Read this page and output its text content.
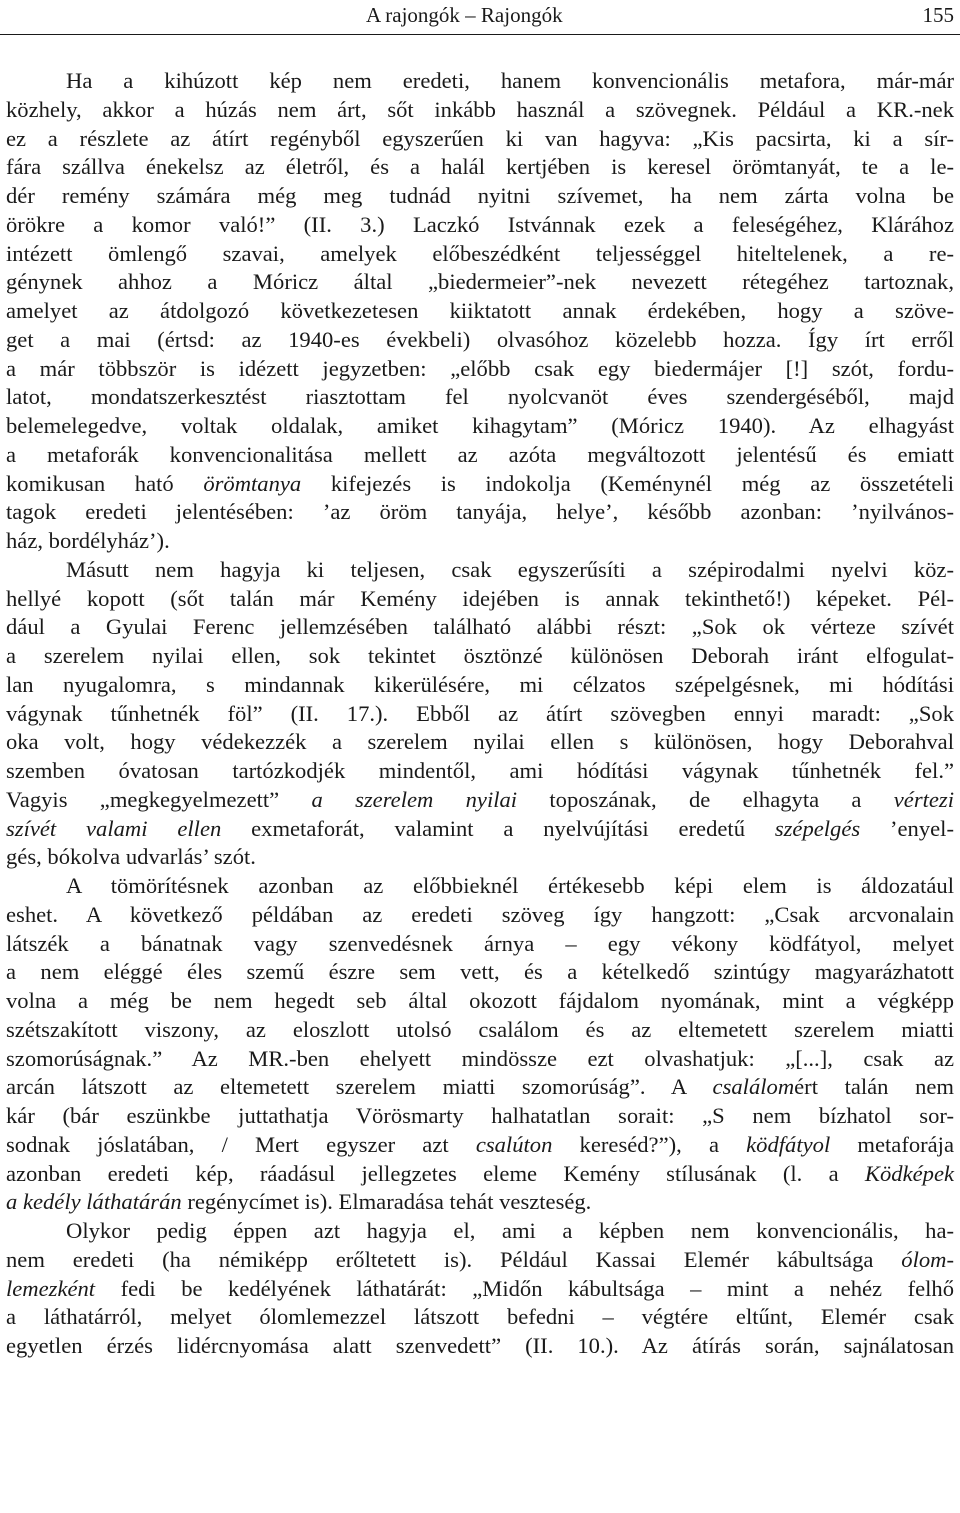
A rajongók – Rajongók	155
Ha a kihúzott kép nem eredeti, hanem konvencionális metafora, már-már
közhely, akkor a húzás nem árt, sőt inkább használ a szövegnek. Például a KR.-nek
ez a részlete az átírt regényből egyszerűen ki van hagyva: „Kis pacsirta, ki a sír-
fára szállva énekelsz az életről, és a halál kertjében is keresel örömtanyát, te a le-
dér remény számára még meg tudnád nyitni szívemet, ha nem zárta volna be
örökre a komor való!” (II. 3.) Laczkó Istvánnak ezek a feleségéhez, Klárához
intézett ömlengő szavai, amelyek előbeszédként teljességgel hiteltelenek, a re-
génynek ahhoz a Móricz által „biedermeier”-nek nevezett rétegéhez tartoznak,
amelyet az átdolgozó következetesen kiiktatott annak érdekében, hogy a szöve-
get a mai (értsd: az 1940-es évekbeli) olvasóhoz közelebb hozza. Így írt erről
a már többször is idézett jegyzetben: „előbb csak egy biedermájer [!] szót, fordu-
latot, mondatszerkesztést riasztottam fel nyolcvanöt éves szendergéséből, majd
belemelegedve, voltak oldalak, amiket kihagytam” (Móricz 1940). Az elhagyást
a metaforák konvencionalitása mellett az azóta megváltozott jelentésű és emiatt
komikusan ható örömtanya kifejezés is indokolja (Keménynél még az összetételi
tagok eredeti jelentésében: ’az öröm tanyája, helye’, később azonban: ’nyilvános-
ház, bordélyház’).
Másutt nem hagyja ki teljesen, csak egyszerűsíti a szépirodalmi nyelvi köz-
hellyé kopott (sőt talán már Kemény idejében is annak tekinthető!) képeket. Pél-
dául a Gyulai Ferenc jellemzésében található alábbi részt: „Sok ok vérteze szívét
a szerelem nyilai ellen, sok tekintet ösztönzé különösen Deborah iránt elfogulat-
lan nyugalomra, s mindannak kikerülésére, mi célzatos szépelgésnek, mi hódítási
vágynak tűnhetnék föl” (II. 17.). Ebből az átírt szövegben ennyi maradt: „Sok
oka volt, hogy védekezzék a szerelem nyilai ellen s különösen, hogy Deborahval
szemben óvatosan tartózkodjék mindentől, ami hódítási vágynak tűnhetnék fel.”
Vagyis „megkegyelmezett” a szerelem nyilai toposzának, de elhagyta a vértezi
szívét valami ellen exmetaforát, valamint a nyelvújítási eredetű szépelgés ’enyel-
gés, bókolva udvarlás’ szót.
A tömörítésnek azonban az előbbieknél értékesebb képi elem is áldozatául
eshet. A következő példában az eredeti szöveg így hangzott: „Csak arcvonalain
látszék a bánatnak vagy szenvedésnek árnya – egy vékony ködfátyol, melyet
a nem eléggé éles szemű észre sem vett, és a kételkedő szintúgy magyarázhatott
volna a még be nem hegedt seb által okozott fájdalom nyomának, mint a végképp
szétszakított viszony, az eloszlott utolsó csalálom és az eltemetett szerelem miatti
szomorúságnak.” Az MR.-ben ehelyett mindössze ezt olvashatjuk: „[...], csak az
arcán látszott az eltemetett szerelem miatti szomorúság”. A csalálomért talán nem
kár (bár eszünkbe juttathatja Vörösmarty halhatatlan sorait: „S nem bízhatol sor-
sodnak jóslatában, / Mert egyszer azt csalúton kereséd?”), a ködfátyol metaforája
azonban eredeti kép, ráadásul jellegzetes eleme Kemény stílusának (l. a Ködképek
a kedély láthatárán regénycímet is). Elmaradása tehát veszteség.
Olykor pedig éppen azt hagyja el, ami a képben nem konvencionális, ha-
nem eredeti (ha némiképp erőltetett is). Például Kassai Elemér kábultsága ólom-
lemezként fedi be kedélyének láthatárát: „Midőn kábultsága – mint a nehéz felhő
a láthatárról, melyet ólomlemezzel látszott befedni – végtére eltűnt, Elemér csak
egyetlen érzés lidércnyomása alatt szenvedett” (II. 10.). Az átírás során, sajnálatosan
